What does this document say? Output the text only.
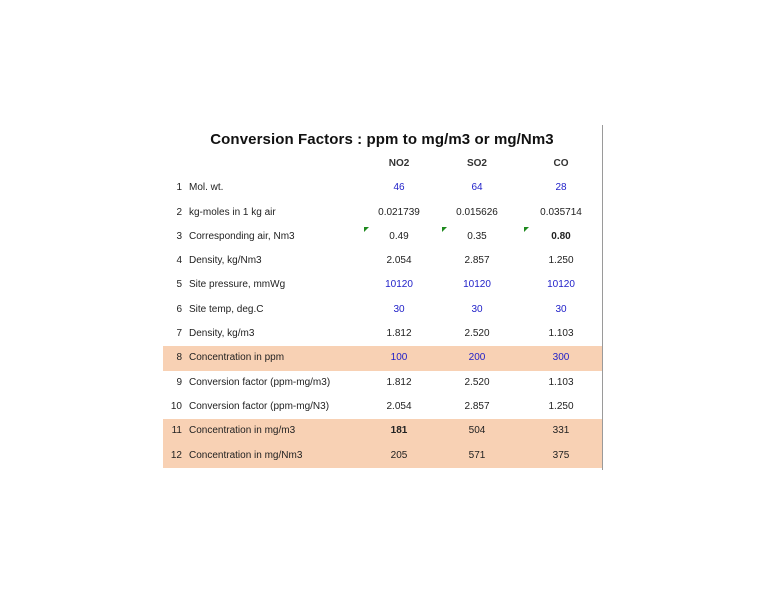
Conversion Factors : ppm to mg/m3 or mg/Nm3
NO2	SO2	CO
1 Mol. wt.	46	64	28
2 kg-moles in 1 kg air	0.021739	0.015626	0.035714
3 Corresponding air, Nm3	0.49	0.35	0.80
4 Density, kg/Nm3	2.054	2.857	1.250
5 Site pressure, mmWg	10120	10120	10120
6 Site temp, deg.C	30	30	30
7 Density, kg/m3	1.812	2.520	1.103
8 Concentration in ppm	100	200	300
9 Conversion factor (ppm-mg/m3)	1.812	2.520	1.103
10 Conversion factor (ppm-mg/N3)	2.054	2.857	1.250
11 Concentration in mg/m3	181	504	331
12 Concentration in mg/Nm3	205	571	375
